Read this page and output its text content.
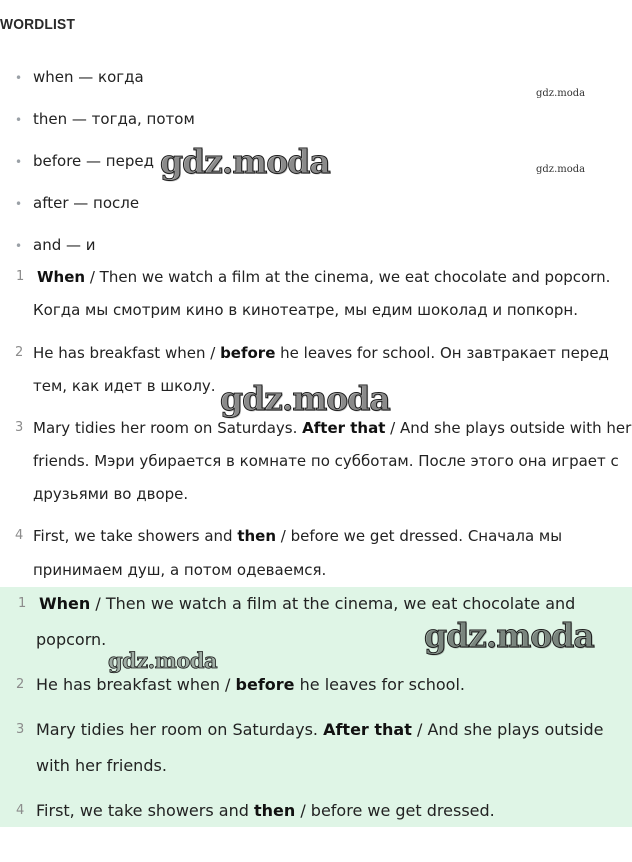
WORDLIST
• when — когда
• then — тогда, потом
• before — перед
• after — после
• and — и
1 When / Then we watch a film at the cinema, we eat chocolate and popcorn.
Когда мы смотрим кино в кинотеатре, мы едим шоколад и попкорн.
2 He has breakfast when / before he leaves for school. Он завтракает перед
тем, как идет в школу.
3 Mary tidies her room on Saturdays. After that / And she plays outside with her
friends. Мэри убирается в комнате по субботам. После этого она играет с
друзьями во дворе.
4 First, we take showers and then / before we get dressed. Сначала мы
принимаем душ, а потом одеваемся.
1 When / Then we watch a film at the cinema, we eat chocolate and
popcorn.
2 He has breakfast when / before he leaves for school.
3 Mary tidies her room on Saturdays. After that / And she plays outside
with her friends.
4 First, we take showers and then / before we get dressed.
gdz.moda
gdz.moda
gdz.moda
gdz.moda
gdz.moda
gdz.moda
